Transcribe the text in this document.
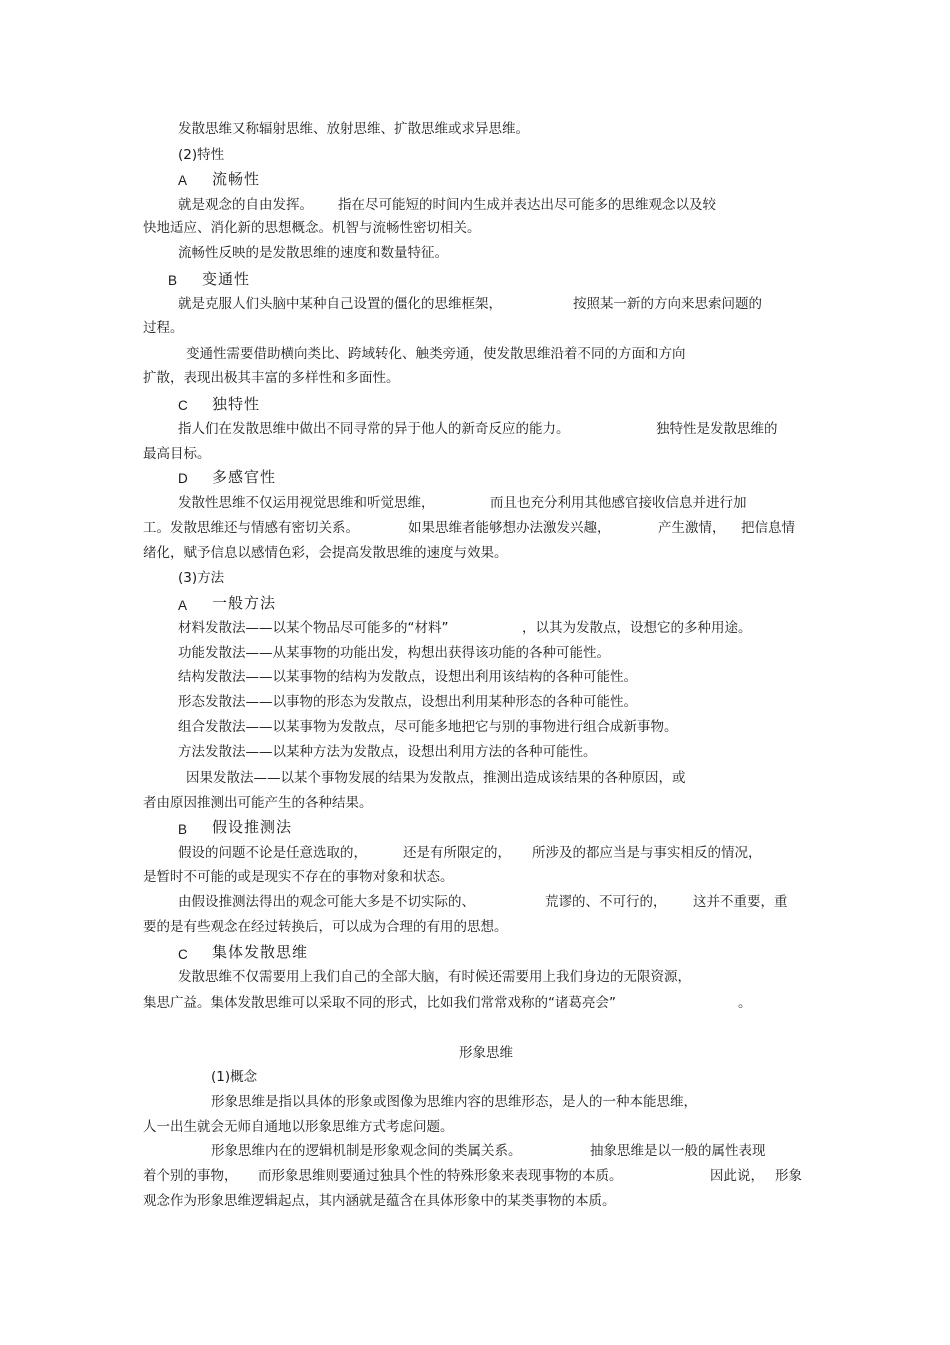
发散思维又称辐射思维、放射思维、扩散思维或求异思维。
(2)特性
A 流畅性
就是观念的自由发挥。 指在尽可能短的时间内生成并表达出尽可能多的思维观念以及较
快地适应、消化新的思想概念。机智与流畅性密切相关。
流畅性反映的是发散思维的速度和数量特征。
B 变通性
就是克服人们头脑中某种自己设置的僵化的思维框架，	按照某一新的方向来思索问题的
过程。
变通性需要借助横向类比、跨域转化、触类旁通，使发散思维沿着不同的方面和方向
扩散，表现出极其丰富的多样性和多面性。
C 独特性
指人们在发散思维中做出不同寻常的异于他人的新奇反应的能力。	独特性是发散思维的
最高目标。
D 多感官性
发散性思维不仅运用视觉思维和听觉思维，	而且也充分利用其他感官接收信息并进行加
工。发散思维还与情感有密切关系。	如果思维者能够想办法激发兴趣，	产生激情， 把信息情
绪化，赋予信息以感情色彩，会提高发散思维的速度与效果。
(3)方法
A 一般方法
材料发散法——以某个物品尽可能多的“材料”	，以其为发散点，设想它的多种用途。
功能发散法——从某事物的功能出发，构想出获得该功能的各种可能性。
结构发散法——以某事物的结构为发散点，设想出利用该结构的各种可能性。
形态发散法——以事物的形态为发散点，设想出利用某种形态的各种可能性。
组合发散法——以某事物为发散点，尽可能多地把它与别的事物进行组合成新事物。
方法发散法——以某种方法为发散点，设想出利用方法的各种可能性。
因果发散法——以某个事物发展的结果为发散点，推测出造成该结果的各种原因，或
者由原因推测出可能产生的各种结果。
B 假设推测法
假设的问题不论是任意选取的，	还是有所限定的， 所涉及的都应当是与事实相反的情况，
是暂时不可能的或是现实不存在的事物对象和状态。
由假设推测法得出的观念可能大多是不切实际的、	荒谬的、不可行的， 这并不重要，重
要的是有些观念在经过转换后，可以成为合理的有用的思想。
C 集体发散思维
发散思维不仅需要用上我们自己的全部大脑，有时候还需要用上我们身边的无限资源，
集思广益。集体发散思维可以采取不同的形式，比如我们常常戏称的“诸葛亮会”	。
形象思维
(1)概念
形象思维是指以具体的形象或图像为思维内容的思维形态，是人的一种本能思维，
人一出生就会无师自通地以形象思维方式考虑问题。
形象思维内在的逻辑机制是形象观念间的类属关系。	抽象思维是以一般的属性表现
着个别的事物， 而形象思维则要通过独具个性的特殊形象来表现事物的本质。	因此说， 形象
观念作为形象思维逻辑起点，其内涵就是蕴含在具体形象中的某类事物的本质。
